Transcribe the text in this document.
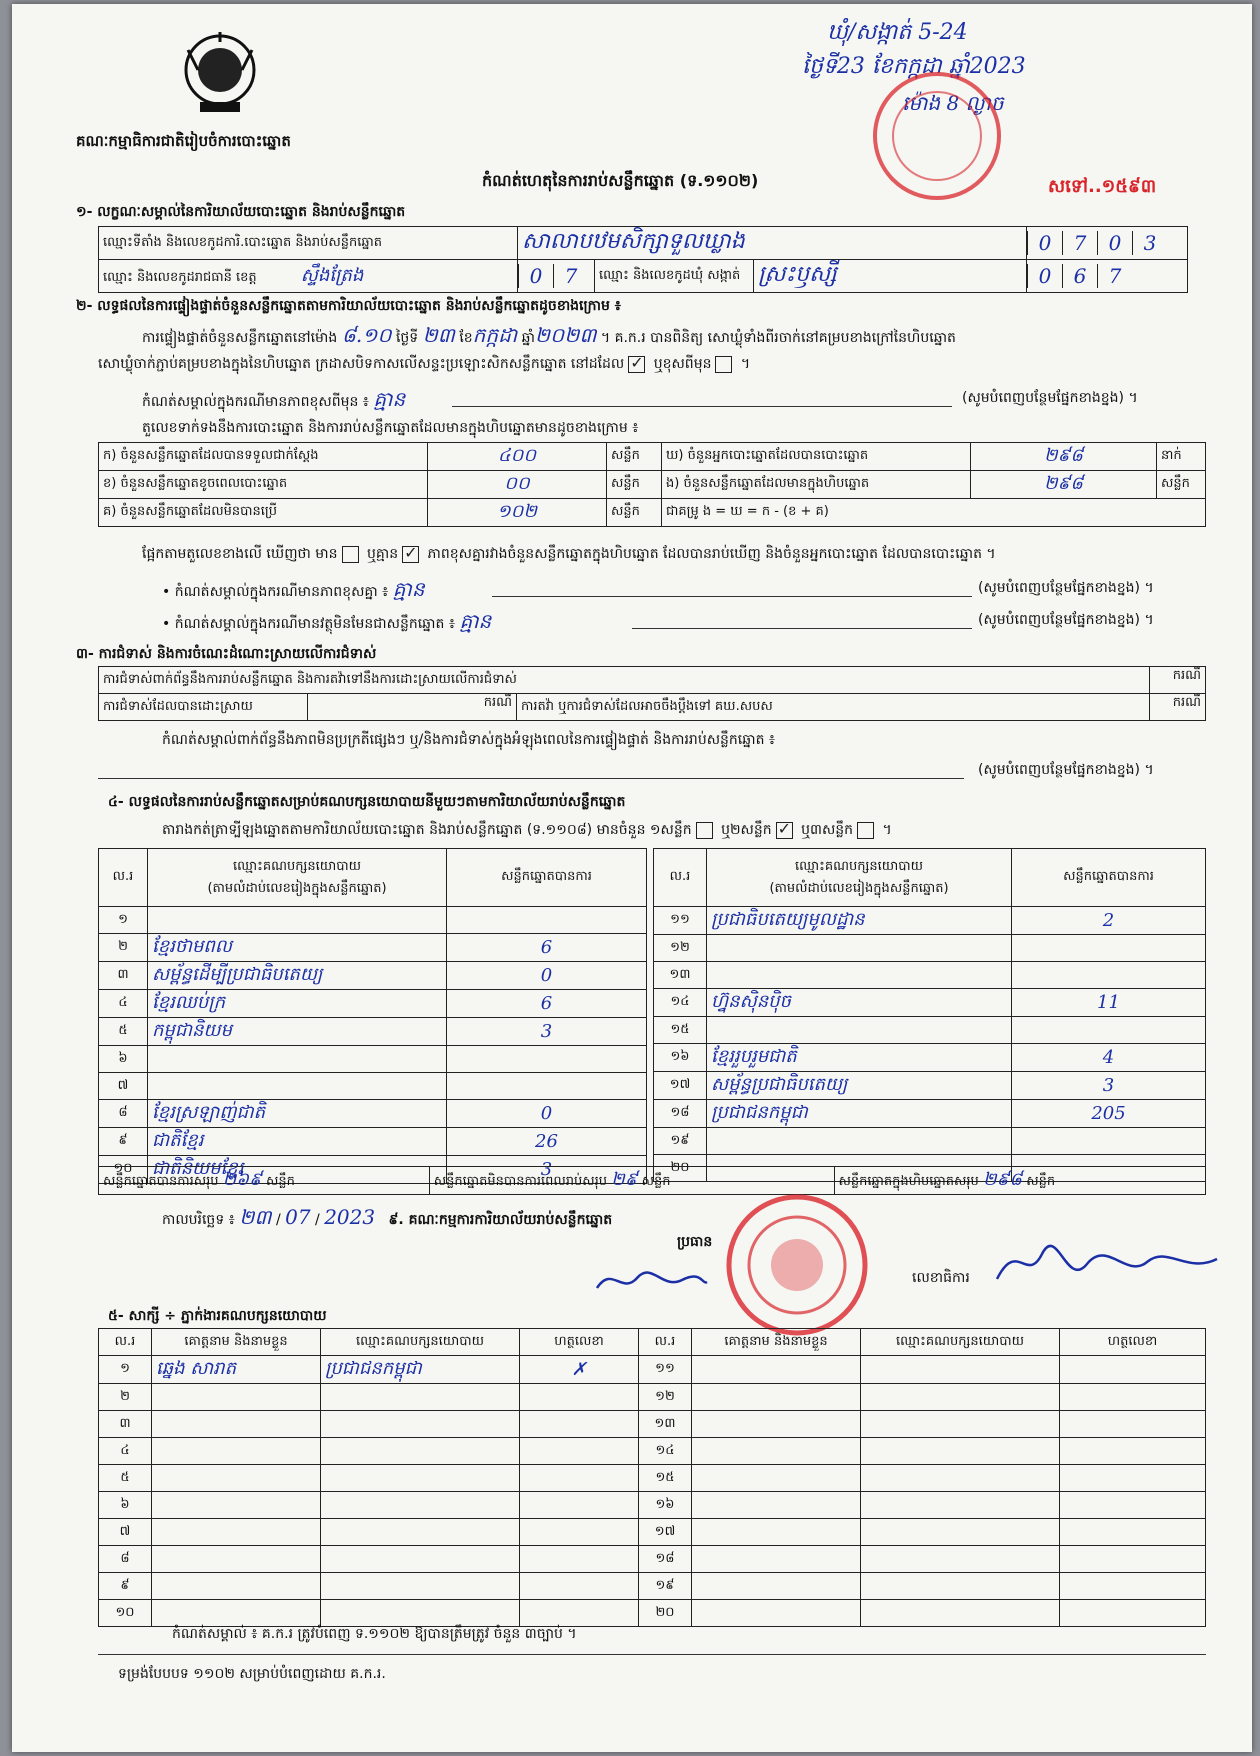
គណៈកម្មាធិការជាតិរៀបចំការបោះឆ្នោត
កំណត់ហេតុនៃការរាប់សន្លឹកឆ្នោត (ទ.១១០២)
ឃុំ/សង្កាត់ 5-24
ថ្ងៃទី23 ខែកក្កដា ឆ្នាំ2023
ម៉ោង 8 ល្ងាច
សទៅ..១៥៩៣
១- លក្ខណៈសម្គាល់នៃការិយាល័យបោះឆ្នោត និងរាប់សន្លឹកឆ្នោត
ឈ្មោះទីតាំង និងលេខកូដការិ.បោះឆ្នោត និងរាប់សន្លឹកឆ្នោត	សាលាបឋមសិក្សាទួលឃ្លាង			0 7 0 3
ឈ្មោះ និងលេខកូដរាជធានី ខេត្ត ស្ទឹងត្រែង	0 7	ឈ្មោះ និងលេខកូដឃុំ សង្កាត់	ស្រះឫស្សី	0 6 7
២- លទ្ធផលនៃការផ្ទៀងផ្ទាត់ចំនួនសន្លឹកឆ្នោតតាមការិយាល័យបោះឆ្នោត និងរាប់សន្លឹកឆ្នោតដូចខាងក្រោម ៖
ការផ្ទៀងផ្ទាត់ចំនួនសន្លឹកឆ្នោតនៅម៉ោង ៨.១០ ថ្ងៃទី ២៣ ខែកក្កដា ឆ្នាំ២០២៣ ។ គ.ក.រ បានពិនិត្យ សោឃ្លុំទាំងពីរចាក់នៅគម្របខាងក្រៅនៃហិបឆ្នោត
សោឃ្លុំចាក់ភ្ជាប់គម្របខាងក្នុងនៃហិបឆ្នោត ក្រដាសបិទកាសលើសន្ទះប្រឡោះសិកសន្លឹកឆ្នោត នៅដដែល ✓ ឬខុសពីមុន ។
កំណត់សម្គាល់ក្នុងករណីមានភាពខុសពីមុន ៖ គ្មាន	(សូមបំពេញបន្ថែមផ្នែកខាងខ្នង) ។
តួលេខទាក់ទងនឹងការបោះឆ្នោត និងការរាប់សន្លឹកឆ្នោតដែលមានក្នុងហិបឆ្នោតមានដូចខាងក្រោម ៖
ក) ចំនួនសន្លឹកឆ្នោតដែលបានទទួលជាក់ស្តែង	៤០០	សន្លឹក	ឃ) ចំនួនអ្នកបោះឆ្នោតដែលបានបោះឆ្នោត	២៩៨	នាក់
ខ) ចំនួនសន្លឹកឆ្នោតខូចពេលបោះឆ្នោត	០០	សន្លឹក	ង) ចំនួនសន្លឹកឆ្នោតដែលមានក្នុងហិបឆ្នោត	២៩៨	សន្លឹក
គ) ចំនួនសន្លឹកឆ្នោតដែលមិនបានប្រើ	១០២	សន្លឹក	ជាគម្រូ ង = ឃ = ក - (ខ + គ)		
ផ្អែកតាមតួលេខខាងលើ ឃើញថា មាន ឬគ្មាន ✓ ភាពខុសគ្នារវាងចំនួនសន្លឹកឆ្នោតក្នុងហិបឆ្នោត ដែលបានរាប់ឃើញ និងចំនួនអ្នកបោះឆ្នោត ដែលបានបោះឆ្នោត ។
• កំណត់សម្គាល់ក្នុងករណីមានភាពខុសគ្នា ៖ គ្មាន	(សូមបំពេញបន្ថែមផ្នែកខាងខ្នង) ។
• កំណត់សម្គាល់ក្នុងករណីមានវត្ថុមិនមែនជាសន្លឹកឆ្នោត ៖ គ្មាន	(សូមបំពេញបន្ថែមផ្នែកខាងខ្នង) ។
៣- ការជំទាស់ និងការចំណេះដំណោះស្រាយលើការជំទាស់
ការជំទាស់ពាក់ព័ន្ធនឹងការរាប់សន្លឹកឆ្នោត និងការតវ៉ាទៅនឹងការដោះស្រាយលើការជំទាស់			ករណី
ការជំទាស់ដែលបានដោះស្រាយ	ករណី	ការតវ៉ា ឬការជំទាស់ដែលអាចចឹងប្តឹងទៅ គឃ.សបស	ករណី
កំណត់សម្គាល់ពាក់ព័ន្ធនឹងភាពមិនប្រក្រតីផ្សេងៗ ឬ/និងការជំទាស់ក្នុងអំឡុងពេលនៃការផ្ទៀងផ្ទាត់ និងការរាប់សន្លឹកឆ្នោត ៖
(សូមបំពេញបន្ថែមផ្នែកខាងខ្នង) ។
៤- លទ្ធផលនៃការរាប់សន្លឹកឆ្នោតសម្រាប់គណបក្សនយោបាយនីមួយៗតាមការិយាល័យរាប់សន្លឹកឆ្នោត
តារាងកត់ត្រាទ្បីឡងឆ្នោតតាមការិយាល័យបោះឆ្នោត និងរាប់សន្លឹកឆ្នោត (ទ.១១០៨) មានចំនួន ១សន្លឹក ឬ២សន្លឹក ✓ ឬ៣សន្លឹក ។
ល.រ	ឈ្មោះគណបក្សនយោបាយ
(តាមលំដាប់លេខរៀងក្នុងសន្លឹកឆ្នោត)	សន្លឹកឆ្នោតបានការ
១		
២	ខ្មែរថាមពល	6
៣	សម្ព័ន្ធដើម្បីប្រជាធិបតេយ្យ	0
៤	ខ្មែរឈប់ក្រ	6
៥	កម្ពុជានិយម	3
៦		
៧		
៨	ខ្មែរស្រឡាញ់ជាតិ	0
៩	ជាតិខ្មែរ	26
១០	ជាតិនិយមខ្មែរ	3
ល.រ	ឈ្មោះគណបក្សនយោបាយ
(តាមលំដាប់លេខរៀងក្នុងសន្លឹកឆ្នោត)	សន្លឹកឆ្នោតបានការ
១១	ប្រជាធិបតេយ្យមូលដ្ឋាន	2
១២		
១៣		
១៤	ហ្វ៊ុនស៊ិនប៉ិច	11
១៥		
១៦	ខ្មែររួបរួមជាតិ	4
១៧	សម្ព័ន្ធប្រជាធិបតេយ្យ	3
១៨	ប្រជាជនកម្ពុជា	205
១៩		
២០		
សន្លឹកឆ្នោតបានការសរុប ២៦៩ សន្លឹក	សន្លឹកឆ្នោតមិនបានការពេលរាប់សរុប ២៩ សន្លឹក	សន្លឹកឆ្នោតក្នុងហិបឆ្នោតសរុប ២៩៨ សន្លឹក
កាលបរិច្ឆេទ ៖ ២៣ / 07 / 2023 ៩. គណៈកម្មការការិយាល័យរាប់សន្លឹកឆ្នោត
ប្រធាន
លេខាធិការ
៥- សាក្សី ÷ ភ្នាក់ងារគណបក្សនយោបាយ
ល.រ	គោត្តនាម និងនាមខ្លួន	ឈ្មោះគណបក្សនយោបាយ	ហត្ថលេខា	ល.រ	គោត្តនាម និងនាមខ្លួន	ឈ្មោះគណបក្សនយោបាយ	ហត្ថលេខា
១	ឆ្នេង សារាត	ប្រជាជនកម្ពុជា	✗	១១			
២				១២			
៣				១៣			
៤				១៤			
៥				១៥			
៦				១៦			
៧				១៧			
៨				១៨			
៩				១៩			
១០				២០			
កំណត់សម្គាល់ ៖ គ.ក.រ ត្រូវបំពេញ ទ.១១០២ ឱ្យបានត្រឹមត្រូវ ចំនួន ៣ច្បាប់ ។
ទម្រង់បែបបទ ១១០២ សម្រាប់បំពេញដោយ គ.ក.រ.
